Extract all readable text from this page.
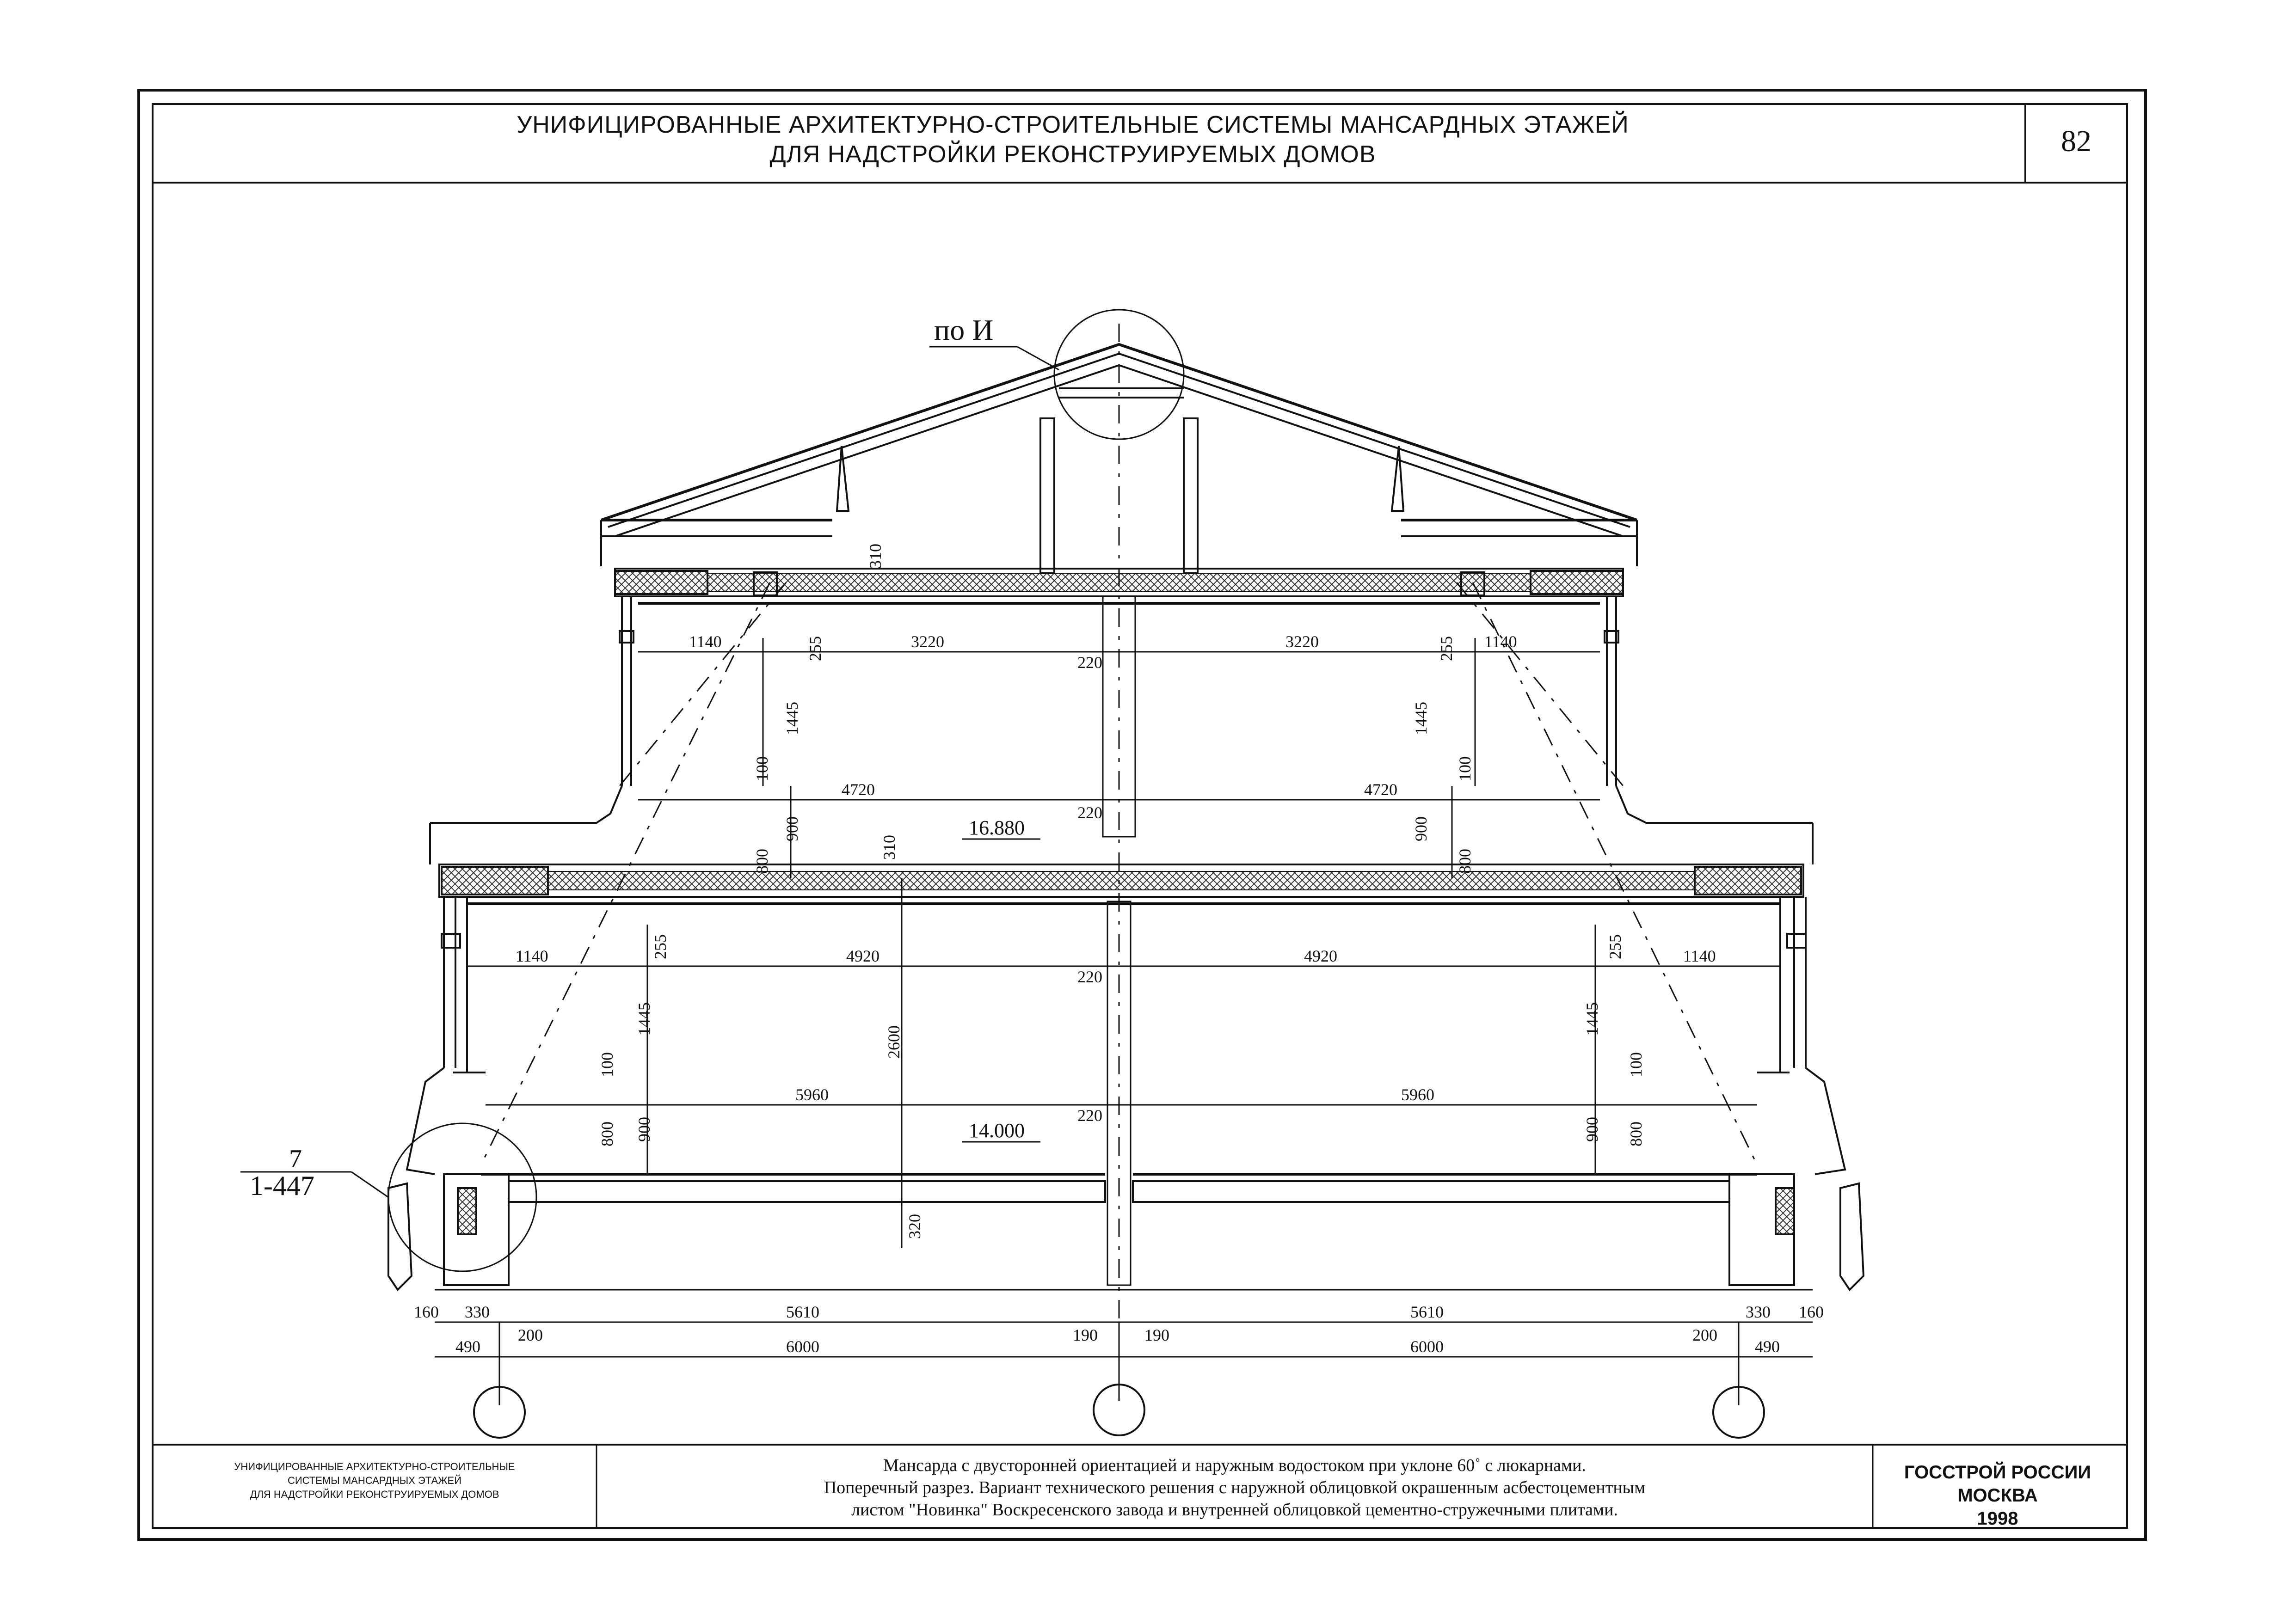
по И
7
1-447
16.880
14.000
1140	3220	3220	1140
220
4720	4720
220
255	255
1445	1445
100	100
800
900	900
800
310
310
1140	4920	4920	1140
220
5960	5960
220
255	255
1445	1445
2600
100	100
800 900	900 800
320
160 330	5610	5610	330 160
200	190	190	200
490	6000	6000	490
УНИФИЦИРОВАННЫЕ АРХИТЕКТУРНО-СТРОИТЕЛЬНЫЕ СИСТЕМЫ МАНСАРДНЫХ ЭТАЖЕЙ
ДЛЯ НАДСТРОЙКИ РЕКОНСТРУИРУЕМЫХ ДОМОВ	82
УНИФИЦИРОВАННЫЕ АРХИТЕКТУРНО-СТРОИТЕЛЬНЫЕ
СИСТЕМЫ МАНСАРДНЫХ ЭТАЖЕЙ
ДЛЯ НАДСТРОЙКИ РЕКОНСТРУИРУЕМЫХ ДОМОВ
Мансарда с двусторонней ориентацией и наружным водостоком при уклоне 60˚ с люкарнами.
Поперечный разрез. Вариант технического решения с наружной облицовкой окрашенным асбестоцементным
листом "Новинка" Воскресенского завода и внутренней облицовкой цементно-стружечными плитами.
ГОССТРОЙ РОССИИ
МОСКВА
1998
